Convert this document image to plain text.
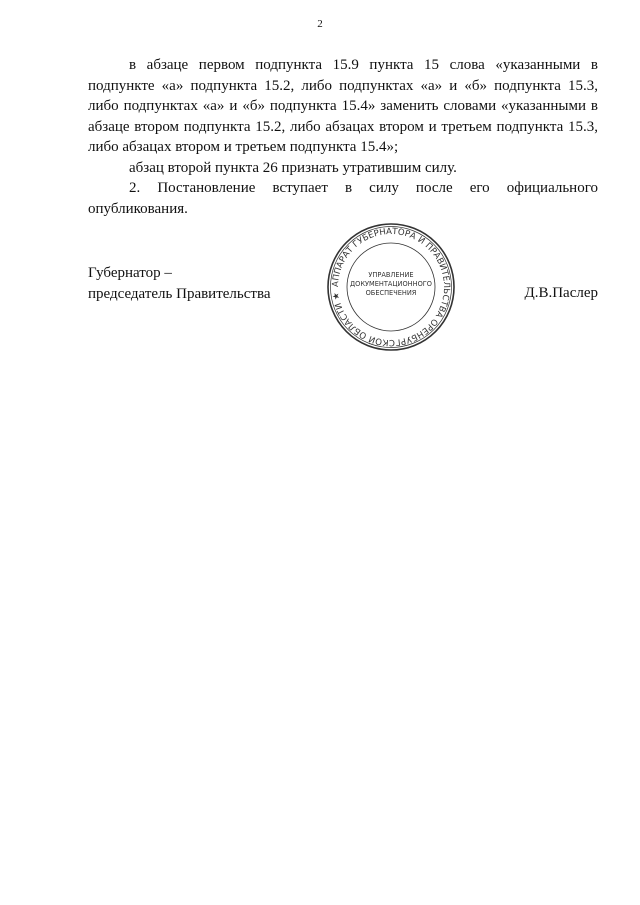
2

в абзаце первом подпункта 15.9 пункта 15 слова «указанными в подпункте «а» подпункта 15.2, либо подпунктах «а» и «б» подпункта 15.3, либо подпунктах «а» и «б» подпункта 15.4» заменить словами «указанными в абзаце втором подпункта 15.2, либо абзацах втором и третьем подпункта 15.3, либо абзацах втором и третьем подпункта 15.4»;

абзац второй пункта 26 признать утратившим силу.

2. Постановление вступает в силу после его официального опубликования.

Губернатор –
председатель Правительства	Д.В.Паслер
АППАРАТ ГУБЕРНАТОРА И ПРАВИТЕЛЬСТВА ОРЕНБУРГСКОЙ ОБЛАСТИ ★
УПРАВЛЕНИЕ
ДОКУМЕНТАЦИОННОГО
ОБЕСПЕЧЕНИЯ
